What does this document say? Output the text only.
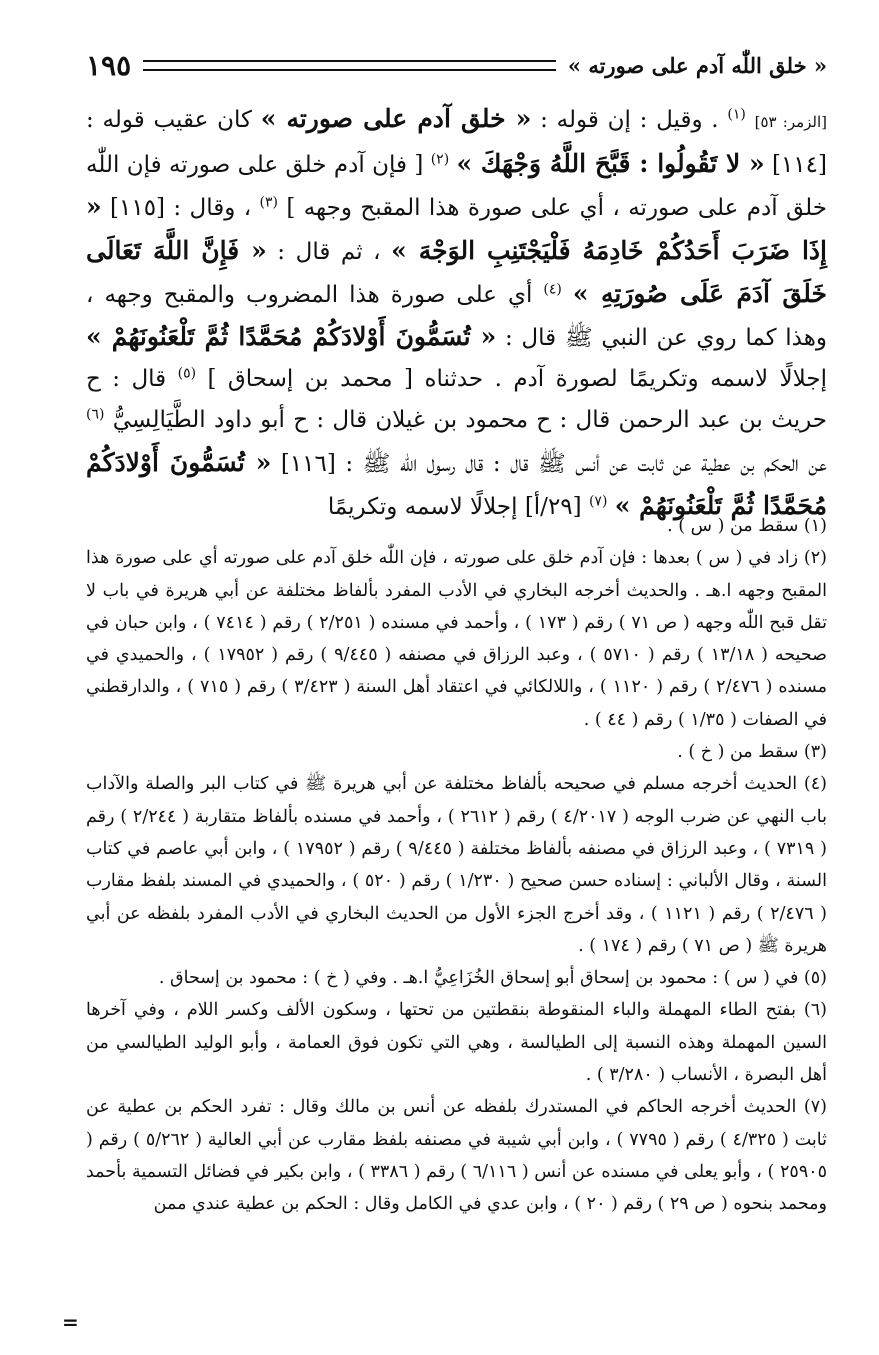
« خلق اللّٰه آدم على صورته »
١٩٥

[الزمر: ٥٣] $^{(١)}$ . وقيل : إن قوله : « خلق آدم على صورته » كان عقيب قوله : [١١٤] « لا تَقُولُوا : قَبَّحَ اللَّهُ وَجْهَكَ » $^{(٢)}$ [ فإن آدم خلق على صورته فإن اللّٰه خلق آدم على صورته ، أي على صورة هذا المقبح وجهه ] $^{(٣)}$ ، وقال : [١١٥] « إِذَا ضَرَبَ أَحَدُكُمْ خَادِمَهُ فَلْيَجْتَنِبِ الوَجْهَ » ، ثم قال : « فَإِنَّ اللَّهَ تَعَالَى خَلَقَ آدَمَ عَلَى صُورَتِهِ » $^{(٤)}$ أي على صورة هذا المضروب والمقبح وجهه ، وهذا كما روي عن النبي ﷺ قال : « تُسَمُّونَ أَوْلادَكُمْ مُحَمَّدًا ثُمَّ تَلْعَنُونَهُمْ » إجلالًا لاسمه وتكريمًا لصورة آدم . حدثناه [ محمد بن إسحاق ] $^{(٥)}$ قال : ح حريث بن عبد الرحمن قال : ح محمود بن غيلان قال : ح أبو داود الطَّيَالِسِيُّ $^{(٦)}$ عن الحكم بن عطية عن ثابت عن أنس ﷺ قال : قال رسول اللّٰه ﷺ : [١١٦] « تُسَمُّونَ أَوْلادَكُمْ مُحَمَّدًا ثُمَّ تَلْعَنُونَهُمْ » $^{(٧)}$ [٢٩/أ] إجلالًا لاسمه وتكريمًا

(١) سقط من ( س ) .

(٢) زاد في ( س ) بعدها : فإن آدم خلق على صورته ، فإن اللّٰه خلق آدم على صورته أي على صورة هذا المقبح وجهه ا.هـ . والحديث أخرجه البخاري في الأدب المفرد بألفاظ مختلفة عن أبي هريرة في باب لا تقل قبح اللّٰه وجهه ( ص ٧١ ) رقم ( ١٧٣ ) ، وأحمد في مسنده ( ٢/٢٥١ ) رقم ( ٧٤١٤ ) ، وابن حبان في صحيحه ( ١٣/١٨ ) رقم ( ٥٧١٠ ) ، وعبد الرزاق في مصنفه ( ٩/٤٤٥ ) رقم ( ١٧٩٥٢ ) ، والحميدي في مسنده ( ٢/٤٧٦ ) رقم ( ١١٢٠ ) ، واللالكائي في اعتقاد أهل السنة ( ٣/٤٢٣ ) رقم ( ٧١٥ ) ، والدارقطني في الصفات ( ١/٣٥ ) رقم ( ٤٤ ) .

(٣) سقط من ( خ ) .

(٤) الحديث أخرجه مسلم في صحيحه بألفاظ مختلفة عن أبي هريرة ﷺ في كتاب البر والصلة والآداب باب النهي عن ضرب الوجه ( ٤/٢٠١٧ ) رقم ( ٢٦١٢ ) ، وأحمد في مسنده بألفاظ متقاربة ( ٢/٢٤٤ ) رقم ( ٧٣١٩ ) ، وعبد الرزاق في مصنفه بألفاظ مختلفة ( ٩/٤٤٥ ) رقم ( ١٧٩٥٢ ) ، وابن أبي عاصم في كتاب السنة ، وقال الألباني : إسناده حسن صحيح ( ١/٢٣٠ ) رقم ( ٥٢٠ ) ، والحميدي في المسند بلفظ مقارب ( ٢/٤٧٦ ) رقم ( ١١٢١ ) ، وقد أخرج الجزء الأول من الحديث البخاري في الأدب المفرد بلفظه عن أبي هريرة ﷺ ( ص ٧١ ) رقم ( ١٧٤ ) .

(٥) في ( س ) : محمود بن إسحاق أبو إسحاق الخُزَاعِيُّ ا.هـ . وفي ( خ ) : محمود بن إسحاق .

(٦) بفتح الطاء المهملة والباء المنقوطة بنقطتين من تحتها ، وسكون الألف وكسر اللام ، وفي آخرها السين المهملة وهذه النسبة إلى الطيالسة ، وهي التي تكون فوق العمامة ، وأبو الوليد الطيالسي من أهل البصرة ، الأنساب ( ٣/٢٨٠ ) .

(٧) الحديث أخرجه الحاكم في المستدرك بلفظه عن أنس بن مالك وقال : تفرد الحكم بن عطية عن ثابت ( ٤/٣٢٥ ) رقم ( ٧٧٩٥ ) ، وابن أبي شيبة في مصنفه بلفظ مقارب عن أبي العالية ( ٥/٢٦٢ ) رقم ( ٢٥٩٠٥ ) ، وأبو يعلى في مسنده عن أنس ( ٦/١١٦ ) رقم ( ٣٣٨٦ ) ، وابن بكير في فضائل التسمية بأحمد ومحمد بنحوه ( ص ٢٩ ) رقم ( ٢٠ ) ، وابن عدي في الكامل وقال : الحكم بن عطية عندي ممن

=
